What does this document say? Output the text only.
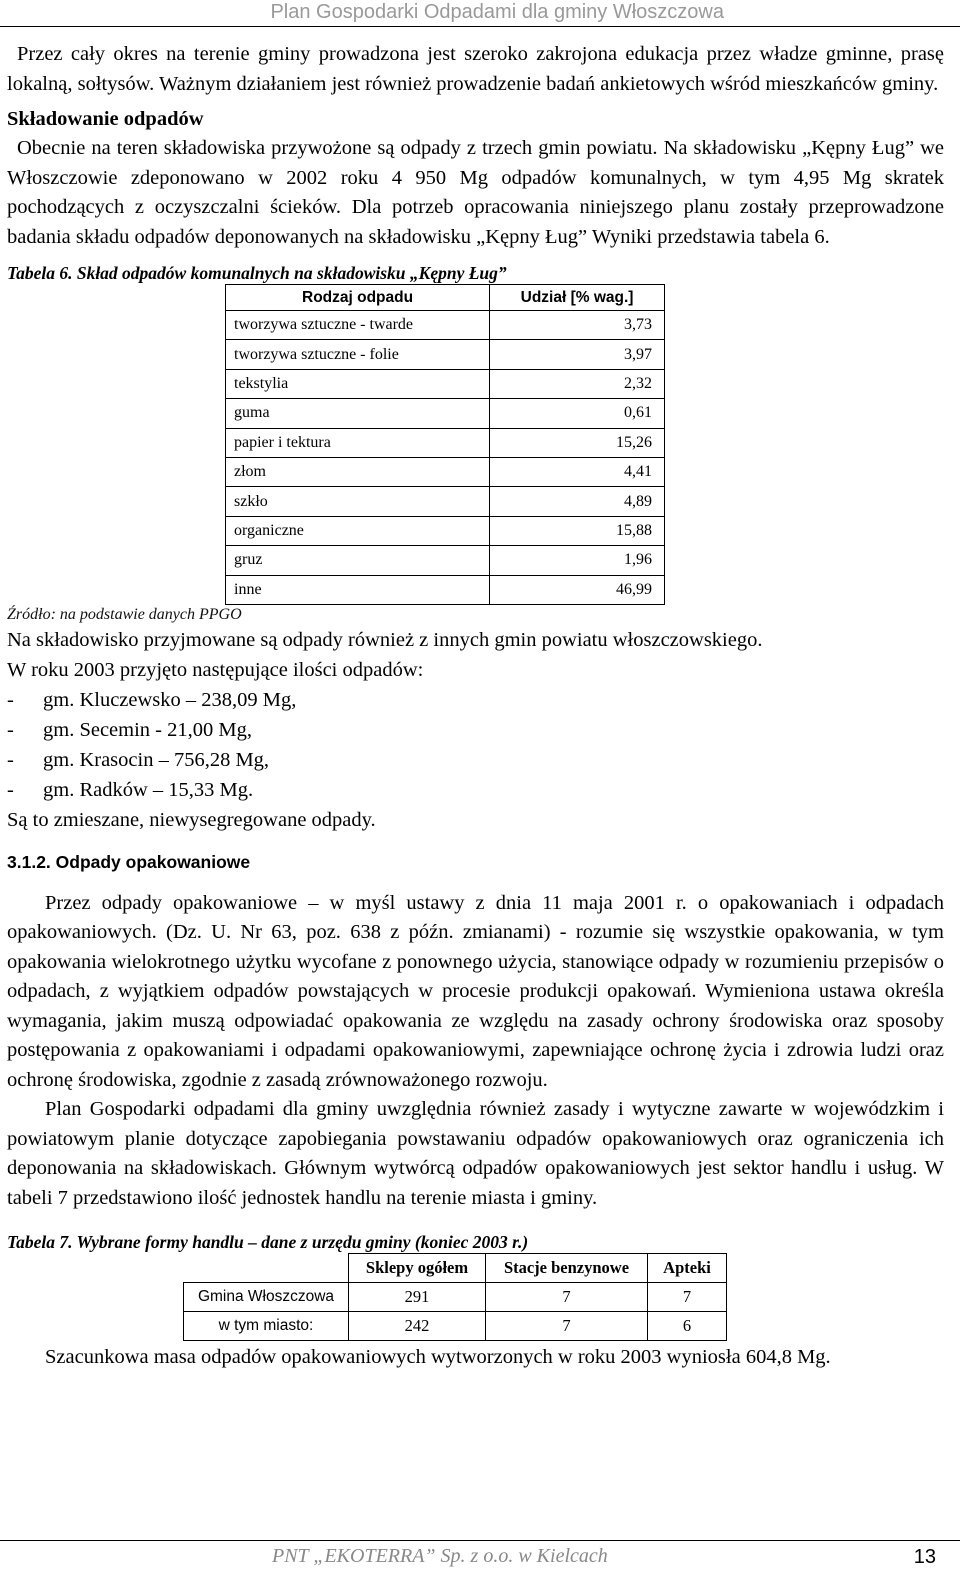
Plan Gospodarki Odpadami dla gminy Włoszczowa

Przez cały okres na terenie gminy prowadzona jest szeroko zakrojona edukacja przez władze gminne, prasę lokalną, sołtysów. Ważnym działaniem jest również prowadzenie badań ankietowych wśród mieszkańców gminy.

Składowanie odpadów

Obecnie na teren składowiska przywożone są odpady z trzech gmin powiatu. Na składowisku „Kępny Ług” we Włoszczowie zdeponowano w 2002 roku 4 950 Mg odpadów komunalnych, w tym 4,95 Mg skratek pochodzących z oczyszczalni ścieków. Dla potrzeb opracowania niniejszego planu zostały przeprowadzone badania składu odpadów deponowanych na składowisku „Kępny Ług” Wyniki przedstawia tabela 6.

Tabela 6. Skład odpadów komunalnych na składowisku „Kępny Ług”
Rodzaj odpadu	Udział [% wag.]
tworzywa sztuczne - twarde	3,73
tworzywa sztuczne - folie	3,97
tekstylia	2,32
guma	0,61
papier i tektura	15,26
złom	4,41
szkło	4,89
organiczne	15,88
gruz	1,96
inne	46,99
Źródło: na podstawie danych PPGO
Na składowisko przyjmowane są odpady również z innych gmin powiatu włoszczowskiego.
W roku 2003 przyjęto następujące ilości odpadów:
- gm. Kluczewsko – 238,09 Mg,
- gm. Secemin - 21,00 Mg,
- gm. Krasocin – 756,28 Mg,
- gm. Radków – 15,33 Mg.
Są to zmieszane, niewysegregowane odpady.
3.1.2. Odpady opakowaniowe

Przez odpady opakowaniowe – w myśl ustawy z dnia 11 maja 2001 r. o opakowaniach i odpadach opakowaniowych. (Dz. U. Nr 63, poz. 638 z późn. zmianami) - rozumie się wszystkie opakowania, w tym opakowania wielokrotnego użytku wycofane z ponownego użycia, stanowiące odpady w rozumieniu przepisów o odpadach, z wyjątkiem odpadów powstających w procesie produkcji opakowań. Wymieniona ustawa określa wymagania, jakim muszą odpowiadać opakowania ze względu na zasady ochrony środowiska oraz sposoby postępowania z opakowaniami i odpadami opakowaniowymi, zapewniające ochronę życia i zdrowia ludzi oraz ochronę środowiska, zgodnie z zasadą zrównoważonego rozwoju.

Plan Gospodarki odpadami dla gminy uwzględnia również zasady i wytyczne zawarte w wojewódzkim i powiatowym planie dotyczące zapobiegania powstawaniu odpadów opakowaniowych oraz ograniczenia ich deponowania na składowiskach. Głównym wytwórcą odpadów opakowaniowych jest sektor handlu i usług. W tabeli 7 przedstawiono ilość jednostek handlu na terenie miasta i gminy.

Tabela 7. Wybrane formy handlu – dane z urzędu gminy (koniec 2003 r.)
	Sklepy ogółem	Stacje benzynowe	Apteki
Gmina Włoszczowa	291	7	7
w tym miasto:	242	7	6

Szacunkowa masa odpadów opakowaniowych wytworzonych w roku 2003 wyniosła 604,8 Mg.

PNT „EKOTERRA” Sp. z o.o. w Kielcach	13
